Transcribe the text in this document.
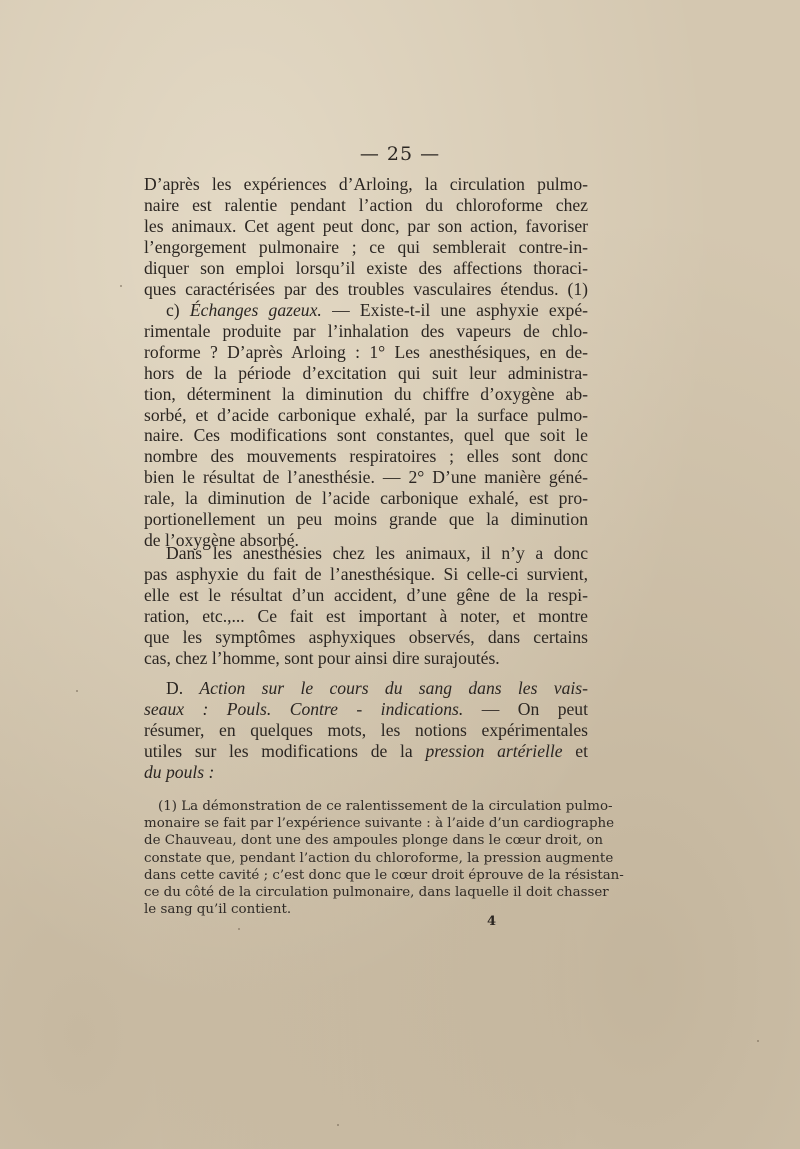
— 25 —
D’après les expériences d’Arloing, la circulation pulmo-
naire est ralentie pendant l’action du chloroforme chez
les animaux. Cet agent peut donc, par son action, favoriser
l’engorgement pulmonaire ; ce qui semblerait contre-in-
diquer son emploi lorsqu’il existe des affections thoraci-
ques caractérisées par des troubles vasculaires étendus. (1)
c) Échanges gazeux. — Existe-t-il une asphyxie expé-
rimentale produite par l’inhalation des vapeurs de chlo-
roforme ? D’après Arloing : 1° Les anesthésiques, en de-
hors de la période d’excitation qui suit leur administra-
tion, déterminent la diminution du chiffre d’oxygène ab-
sorbé, et d’acide carbonique exhalé, par la surface pulmo-
naire. Ces modifications sont constantes, quel que soit le
nombre des mouvements respiratoires ; elles sont donc
bien le résultat de l’anesthésie. — 2° D’une manière géné-
rale, la diminution de l’acide carbonique exhalé, est pro-
portionellement un peu moins grande que la diminution
de l’oxygène absorbé.
Dans les anesthésies chez les animaux, il n’y a donc
pas asphyxie du fait de l’anesthésique. Si celle-ci survient,
elle est le résultat d’un accident, d’une gêne de la respi-
ration, etc.,... Ce fait est important à noter, et montre
que les symptômes asphyxiques observés, dans certains
cas, chez l’homme, sont pour ainsi dire surajoutés.
D. Action sur le cours du sang dans les vais-
seaux : Pouls. Contre - indications. — On peut
résumer, en quelques mots, les notions expérimentales
utiles sur les modifications de la pression artérielle et
du pouls :
(1) La démonstration de ce ralentissement de la circulation pulmo-
monaire se fait par l’expérience suivante : à l’aide d’un cardiographe
de Chauveau, dont une des ampoules plonge dans le cœur droit, on
constate que, pendant l’action du chloroforme, la pression augmente
dans cette cavité ; c’est donc que le cœur droit éprouve de la résistan-
ce du côté de la circulation pulmonaire, dans laquelle il doit chasser
le sang qu’il contient.
4
